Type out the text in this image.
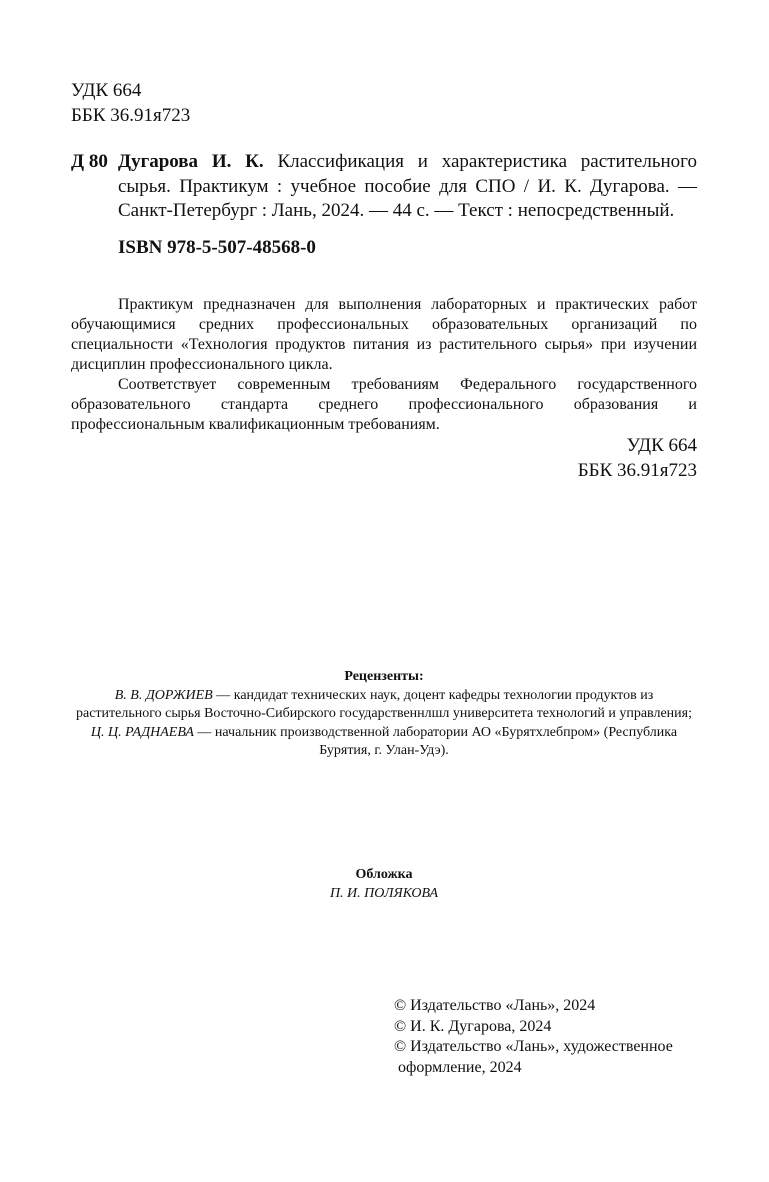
УДК 664
ББК 36.91я723
Д 80 Дугарова И. К. Классификация и характеристика растительного сырья. Практикум : учебное пособие для СПО / И. К. Дугарова. — Санкт-Петербург : Лань, 2024. — 44 с. — Текст : непосредственный.
ISBN 978-5-507-48568-0

Практикум предназначен для выполнения лабораторных и практических работ обучающимися средних профессиональных образовательных организаций по специальности «Технология продуктов питания из растительного сырья» при изучении дисциплин профессионального цикла.

Соответствует современным требованиям Федерального государственного образовательного стандарта среднего профессионального образования и профессиональным квалификационным требованиям.

УДК 664
ББК 36.91я723
Рецензенты:
В. В. ДОРЖИЕВ — кандидат технических наук, доцент кафедры технологии продуктов из растительного сырья Восточно-Сибирского государственнлшл университета технологий и управления;
Ц. Ц. РАДНАЕВА — начальник производственной лаборатории АО «Бурятхлебпром» (Республика Бурятия, г. Улан-Удэ).
Обложка
П. И. ПОЛЯКОВА
© Издательство «Лань», 2024
© И. К. Дугарова, 2024
© Издательство «Лань», художественное
оформление, 2024
